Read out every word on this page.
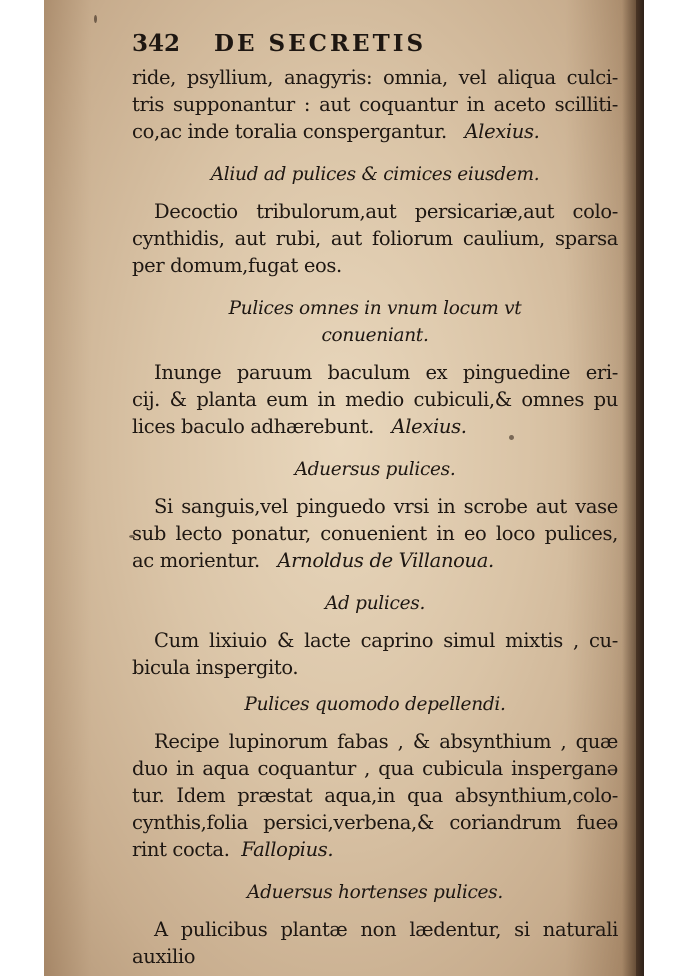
342 DE SECRETIS
ride, psyllium, anagyris: omnia, vel aliqua culci-
tris supponantur : aut coquantur in aceto scilliti-
co,ac inde toralia conspergantur. Alexius.
Aliud ad pulices & cimices eiusdem.
Decoctio tribulorum,aut persicariæ,aut colo-
cynthidis, aut rubi, aut foliorum caulium, sparsa
per domum,fugat eos.
Pulices omnes in vnum locum vt
conueniant.
Inunge paruum baculum ex pinguedine eri-
cij. & planta eum in medio cubiculi,& omnes pu
lices baculo adhærebunt. Alexius.
Aduersus pulices.
Si sanguis,vel pinguedo vrsi in scrobe aut vase
sub lecto ponatur, conuenient in eo loco pulices,
ac morientur. Arnoldus de Villanoua.
Ad pulices.
Cum lixiuio & lacte caprino simul mixtis , cu-
bicula inspergito.
Pulices quomodo depellendi.
Recipe lupinorum fabas , & absynthium , quæ
duo in aqua coquantur , qua cubicula insperganə
tur. Idem præstat aqua,in qua absynthium,colo-
cynthis,folia persici,verbena,& coriandrum fueə
rint cocta. Fallopius.
Aduersus hortenses pulices.
A pulicibus plantæ non lædentur, si naturali
auxilio
